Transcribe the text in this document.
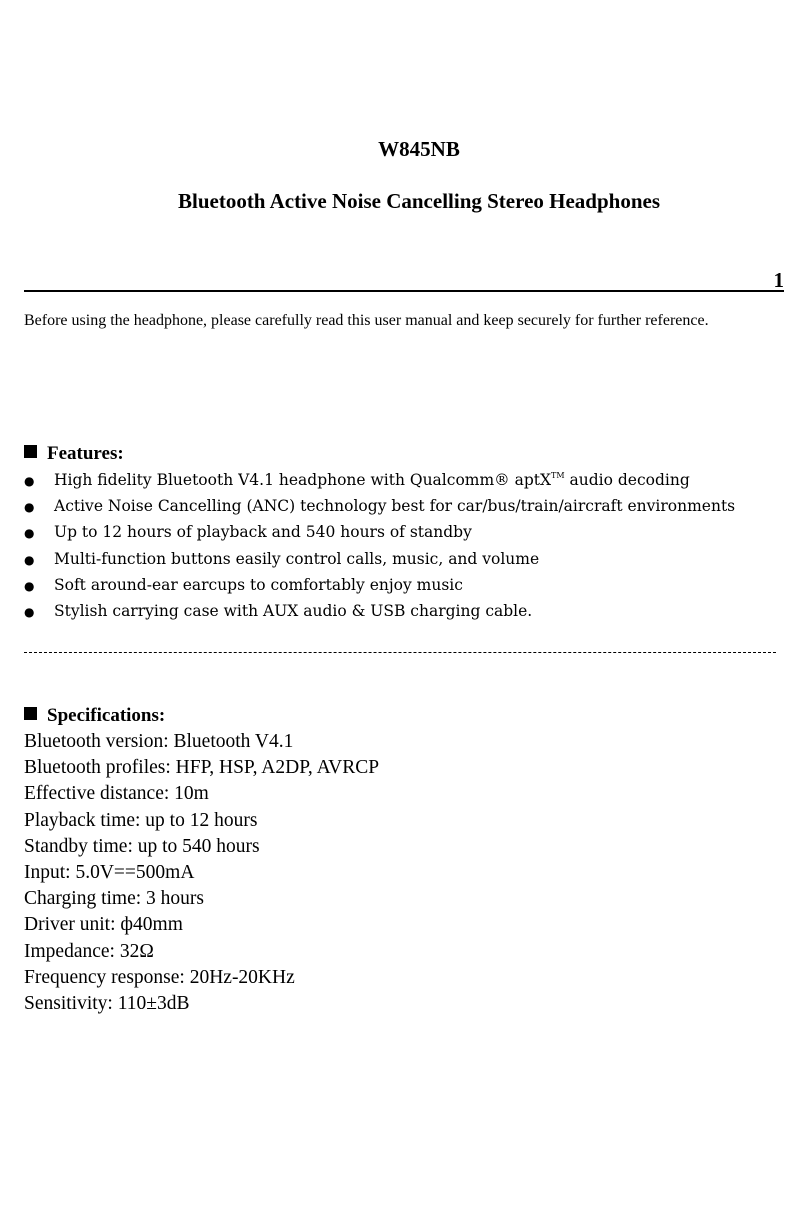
W845NB
Bluetooth Active Noise Cancelling Stereo Headphones
1
Before using the headphone, please carefully read this user manual and keep securely for further reference.
Features:
● High fidelity Bluetooth V4.1 headphone with Qualcomm® aptX™ audio decoding
● Active Noise Cancelling (ANC) technology best for car/bus/train/aircraft environments
● Up to 12 hours of playback and 540 hours of standby
● Multi-function buttons easily control calls, music, and volume
● Soft around-ear earcups to comfortably enjoy music
● Stylish carrying case with AUX audio & USB charging cable.
Specifications:
Bluetooth version: Bluetooth V4.1
Bluetooth profiles: HFP, HSP, A2DP, AVRCP
Effective distance: 10m
Playback time: up to 12 hours
Standby time: up to 540 hours
Input: 5.0V==500mA
Charging time: 3 hours
Driver unit: ф40mm
Impedance: 32Ω
Frequency response: 20Hz-20KHz
Sensitivity: 110±3dB
